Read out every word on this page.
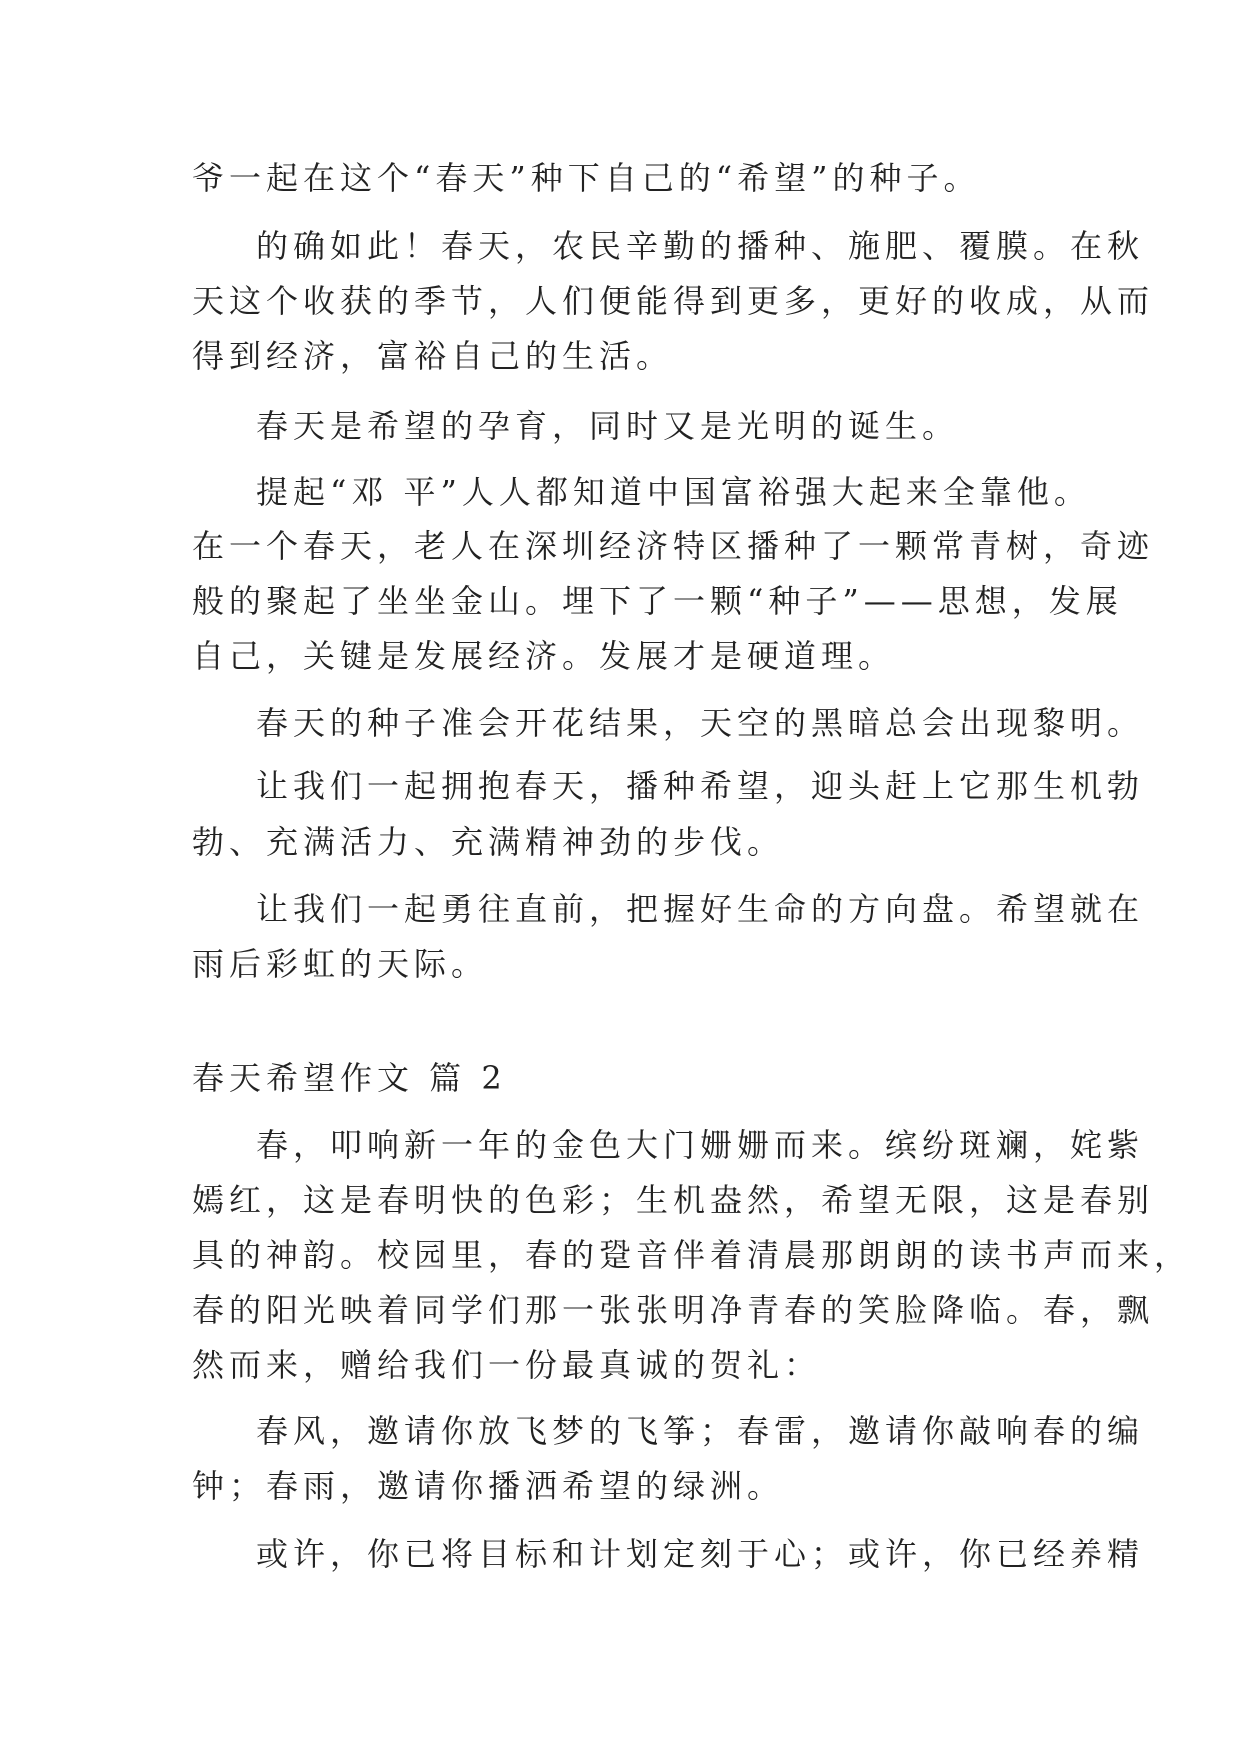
爷一起在这个“春天”种下自己的“希望”的种子。

的确如此！春天，农民辛勤的播种、施肥、覆膜。在秋

天这个收获的季节，人们便能得到更多，更好的收成，从而

得到经济，富裕自己的生活。

春天是希望的孕育，同时又是光明的诞生。

提起“邓 平”人人都知道中国富裕强大起来全靠他。

在一个春天，老人在深圳经济特区播种了一颗常青树，奇迹

般的聚起了坐坐金山。埋下了一颗“种子”——思想，发展

自己，关键是发展经济。发展才是硬道理。

春天的种子准会开花结果，天空的黑暗总会出现黎明。

让我们一起拥抱春天，播种希望，迎头赶上它那生机勃

勃、充满活力、充满精神劲的步伐。

让我们一起勇往直前，把握好生命的方向盘。希望就在

雨后彩虹的天际。

春天希望作文 篇 2

春，叩响新一年的金色大门姗姗而来。缤纷斑斓，姹紫

嫣红，这是春明快的色彩；生机盎然，希望无限，这是春别

具的神韵。校园里，春的跫音伴着清晨那朗朗的读书声而来，

春的阳光映着同学们那一张张明净青春的笑脸降临。春，飘

然而来，赠给我们一份最真诚的贺礼：

春风，邀请你放飞梦的飞筝；春雷，邀请你敲响春的编

钟；春雨，邀请你播洒希望的绿洲。

或许，你已将目标和计划定刻于心；或许，你已经养精
